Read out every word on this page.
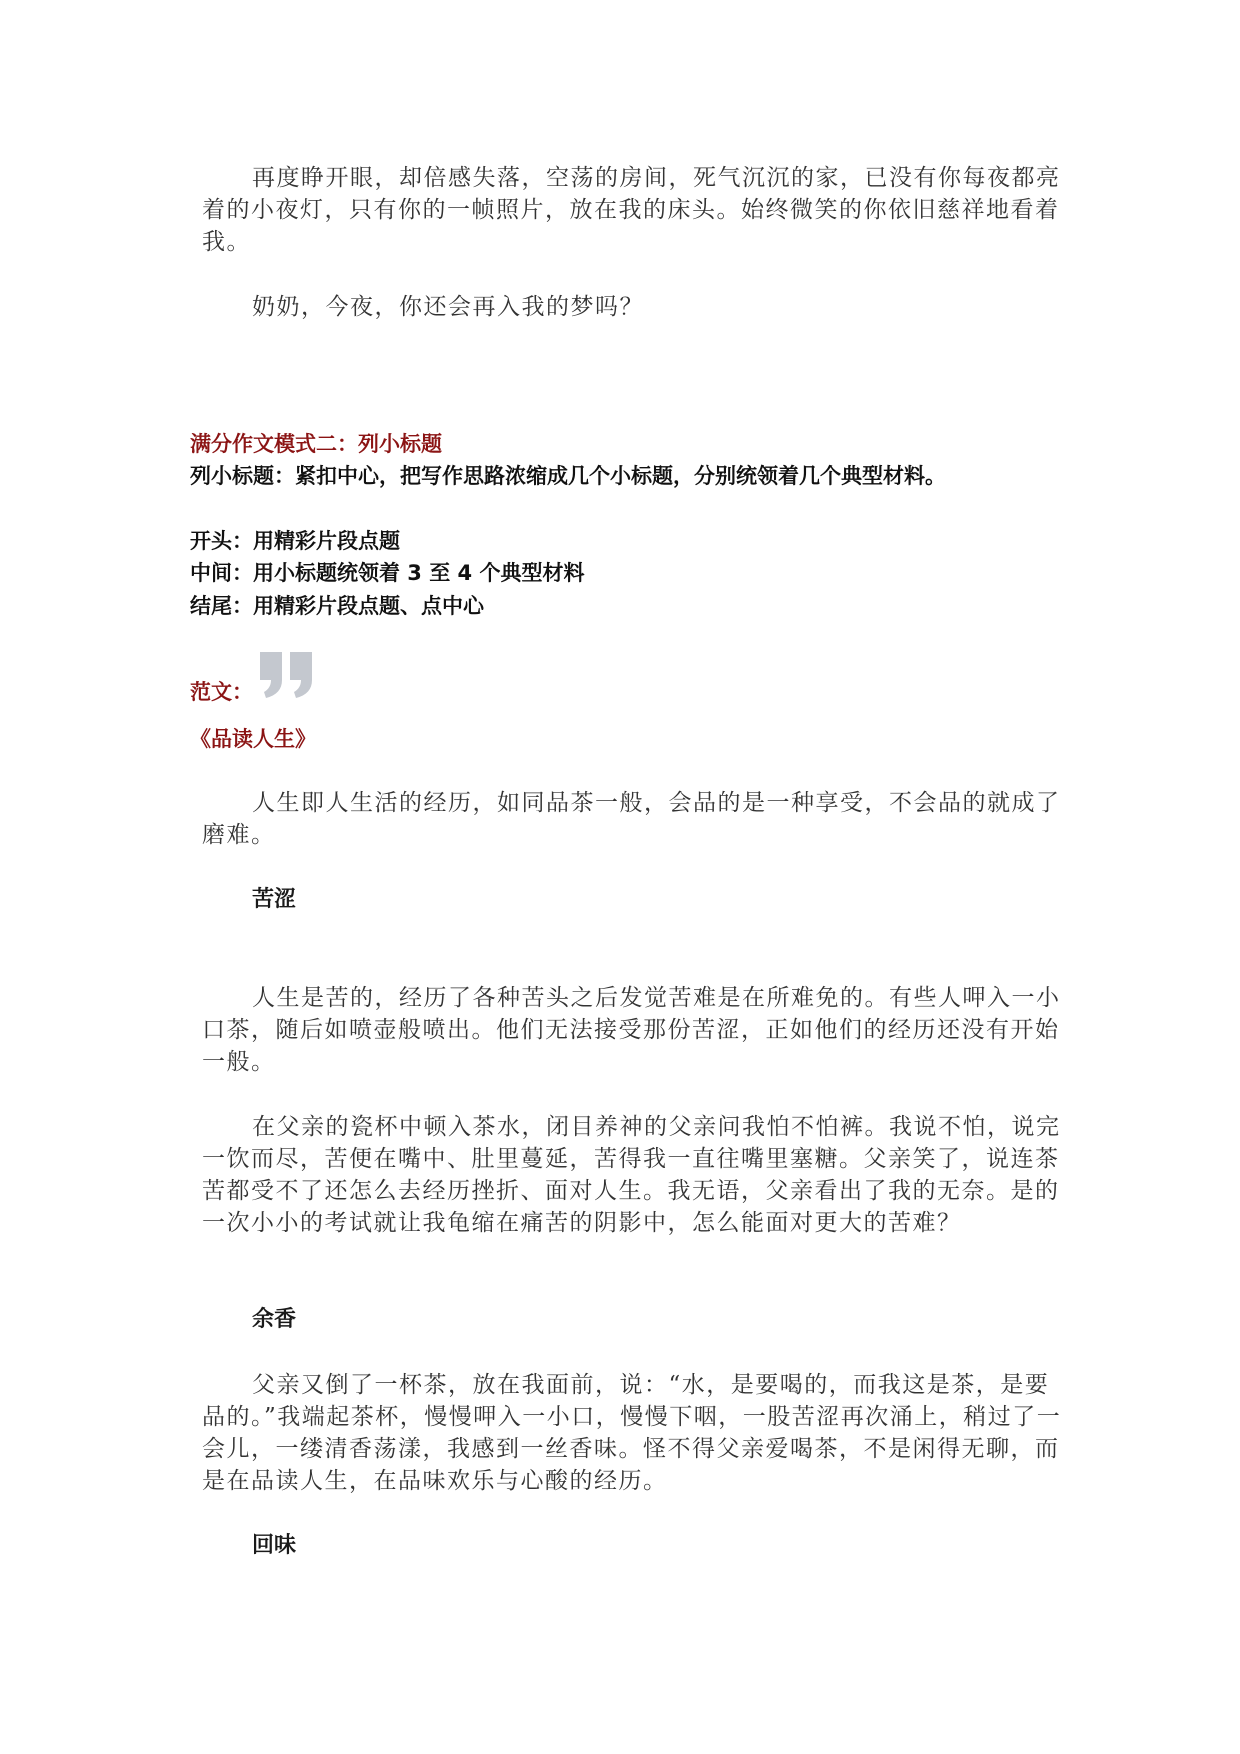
再度睁开眼，却倍感失落，空荡的房间，死气沉沉的家，已没有你每夜都亮着的小夜灯，只有你的一帧照片，放在我的床头。始终微笑的你依旧慈祥地看着我。

奶奶，今夜，你还会再入我的梦吗？

满分作文模式二：列小标题

列小标题：紧扣中心，把写作思路浓缩成几个小标题，分别统领着几个典型材料。

开头：用精彩片段点题

中间：用小标题统领着 3 至 4 个典型材料

结尾：用精彩片段点题、点中心

范文：

《品读人生》

人生即人生活的经历，如同品茶一般，会品的是一种享受，不会品的就成了磨难。

苦涩

人生是苦的，经历了各种苦头之后发觉苦难是在所难免的。有些人呷入一小口茶，随后如喷壶般喷出。他们无法接受那份苦涩，正如他们的经历还没有开始一般。

在父亲的瓷杯中顿入茶水，闭目养神的父亲问我怕不怕裤。我说不怕，说完一饮而尽，苦便在嘴中、肚里蔓延，苦得我一直往嘴里塞糖。父亲笑了，说连茶苦都受不了还怎么去经历挫折、面对人生。我无语，父亲看出了我的无奈。是的一次小小的考试就让我龟缩在痛苦的阴影中，怎么能面对更大的苦难？

余香

父亲又倒了一杯茶，放在我面前，说：“水，是要喝的，而我这是茶，是要品的。”我端起茶杯，慢慢呷入一小口，慢慢下咽，一股苦涩再次涌上，稍过了一会儿，一缕清香荡漾，我感到一丝香味。怪不得父亲爱喝茶，不是闲得无聊，而是在品读人生，在品味欢乐与心酸的经历。

回味
